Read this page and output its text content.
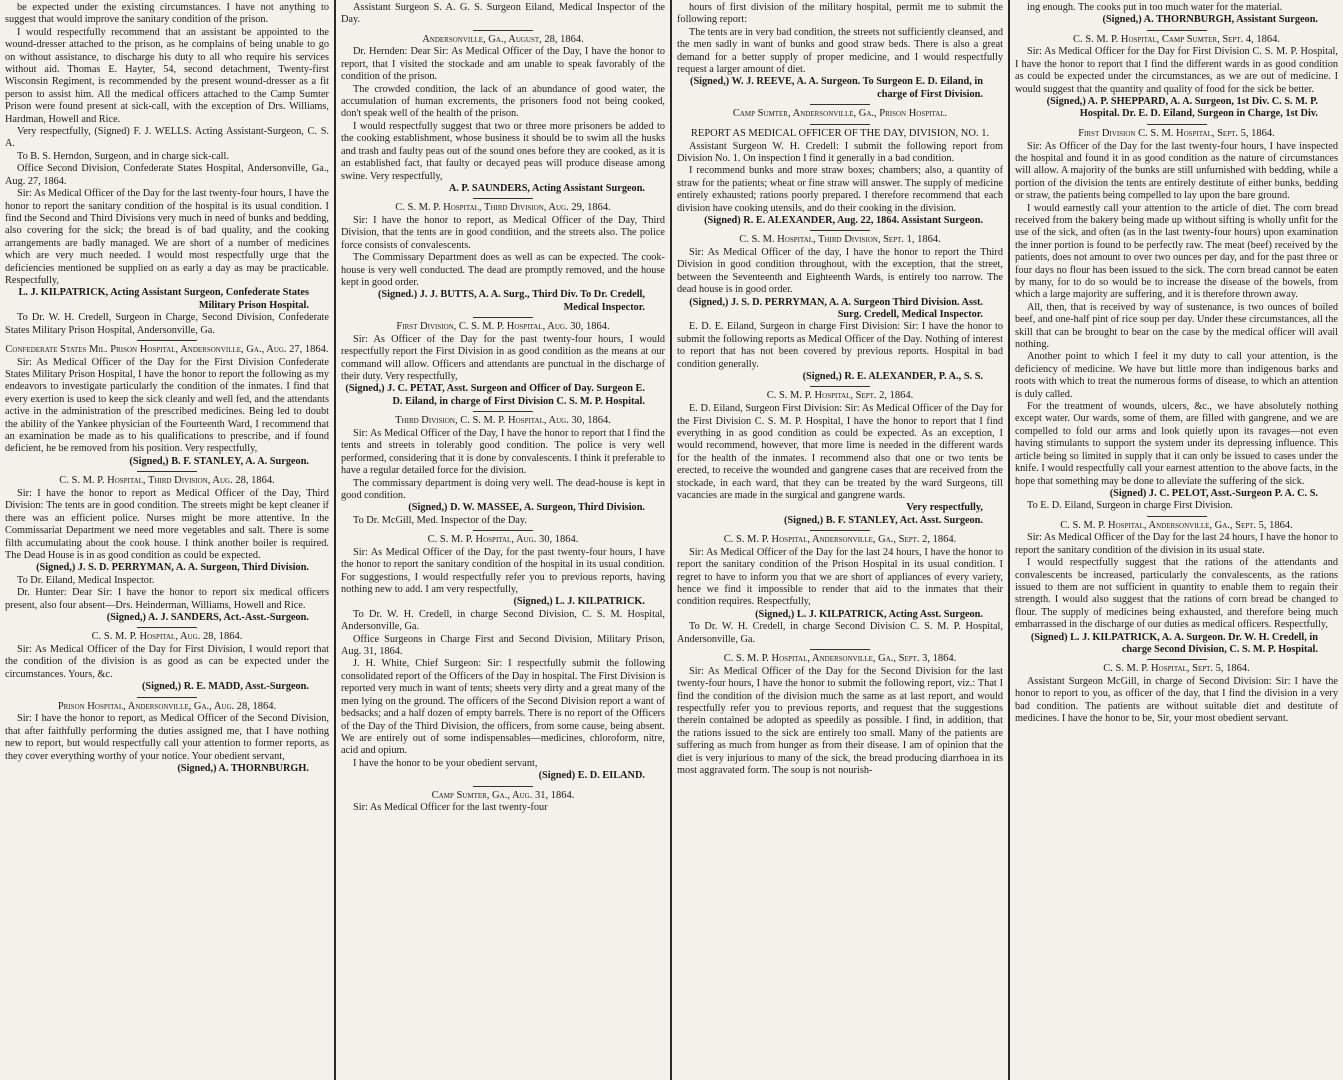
be expected under the existing circumstances. I have not anything to suggest that would improve the sanitary condition of the prison.

I would respectfully recommend that an assistant be appointed to the wound-dresser attached to the prison, as he complains of being unable to go on without assistance, to discharge his duty to all who require his services without aid. Thomas E. Hayter, 54, second detachment, Twenty-first Wisconsin Regiment, is recommended by the present wound-dresser as a fit person to assist him. All the medical officers attached to the Camp Sumter Prison were found present at sick-call, with the exception of Drs. Williams, Hardman, Howell and Rice.

Very respectfully, (Signed) F. J. WELLS. Acting Assistant-Surgeon, C. S. A.

To B. S. Herndon, Surgeon, and in charge sick-call.

Office Second Division, Confederate States Hospital, Andersonville, Ga., Aug. 27, 1864.

Sir: As Medical Officer of the Day for the last twenty-four hours, I have the honor to report the sanitary condition of the hospital is its usual condition. I find the Second and Third Divisions very much in need of bunks and bedding, also covering for the sick; the bread is of bad quality, and the cooking arrangements are badly managed. We are short of a number of medicines which are very much needed. I would most respectfully urge that the deficiencies mentioned be supplied on as early a day as may be practicable. Respectfully,

L. J. KILPATRICK, Acting Assistant Surgeon, Confederate States Military Prison Hospital.

To Dr. W. H. Credell, Surgeon in Charge, Second Division, Confederate States Military Prison Hospital, Andersonville, Ga.

Confederate States Mil. Prison Hospital, Andersonville, Ga., Aug. 27, 1864.

Sir: As Medical Officer of the Day for the First Division Confederate States Military Prison Hospital, I have the honor to report the following as my endeavors to investigate particularly the condition of the inmates. I find that every exertion is used to keep the sick cleanly and well fed, and the attendants active in the administration of the prescribed medicines. Being led to doubt the ability of the Yankee physician of the Fourteenth Ward, I recommend that an examination be made as to his qualifications to prescribe, and if found deficient, he be removed from his position. Very respectfully,

(Signed,) B. F. STANLEY, A. A. Surgeon.

C. S. M. P. Hospital, Third Division, Aug. 28, 1864.

Sir: I have the honor to report as Medical Officer of the Day, Third Division: The tents are in good condition. The streets might be kept cleaner if there was an efficient police. Nurses might be more attentive. In the Commissariat Department we need more vegetables and salt. There is some filth accumulating about the cook house. I think another boiler is required. The Dead House is in as good condition as could be expected.

(Signed,) J. S. D. PERRYMAN, A. A. Surgeon, Third Division.

To Dr. Eiland, Medical Inspector.

Dr. Hunter: Dear Sir: I have the honor to report six medical officers present, also four absent—Drs. Heinderman, Williams, Howell and Rice.

(Signed,) A. J. SANDERS, Act.-Asst.-Surgeon.

C. S. M. P. Hospital, Aug. 28, 1864.

Sir: As Medical Officer of the Day for First Division, I would report that the condition of the division is as good as can be expected under the circumstances. Yours, &c.

(Signed,) R. E. MADD, Asst.-Surgeon.

Prison Hospital, Andersonville, Ga., Aug. 28, 1864.

Sir: I have the honor to report, as Medical Officer of the Second Division, that after faithfully performing the duties assigned me, that I have nothing new to report, but would respectfully call your attention to former reports, as they cover everything worthy of your notice. Your obedient servant,

(Signed,) A. THORNBURGH.

Assistant Surgeon S. A. G. S. Surgeon Eiland, Medical Inspector of the Day.

Andersonville, Ga., August, 28, 1864.

Dr. Hernden: Dear Sir: As Medical Officer of the Day, I have the honor to report, that I visited the stockade and am unable to speak favorably of the condition of the prison.

The crowded condition, the lack of an abundance of good water, the accumulation of human excrements, the prisoners food not being cooked, don't speak well of the health of the prison.

I would respectfully suggest that two or three more prisoners be added to the cooking establishment, whose business it should be to swim all the husks and trash and faulty peas out of the sound ones before they are cooked, as it is an established fact, that faulty or decayed peas will produce disease among swine. Very respectfully,

A. P. SAUNDERS, Acting Assistant Surgeon.

C. S. M. P. Hospital, Third Division, Aug. 29, 1864.

Sir: I have the honor to report, as Medical Officer of the Day, Third Division, that the tents are in good condition, and the streets also. The police force consists of convalescents.

The Commissary Department does as well as can be expected. The cook-house is very well conducted. The dead are promptly removed, and the house kept in good order.

(Signed.) J. J. BUTTS, A. A. Surg., Third Div. To Dr. Credell, Medical Inspector.

First Division, C. S. M. P. Hospital, Aug. 30, 1864.

Sir: As Officer of the Day for the past twenty-four hours, I would respectfully report the First Division in as good condition as the means at our command will allow. Officers and attendants are punctual in the discharge of their duty. Very respectfully,

(Signed,) J. C. PETAT, Asst. Surgeon and Officer of Day. Surgeon E. D. Eiland, in charge of First Division C. S. M. P. Hospital.

Third Division, C. S. M. P. Hospital, Aug. 30, 1864.

Sir: As Medical Officer of the Day, I have the honor to report that I find the tents and streets in tolerably good condition. The police is very well performed, considering that it is done by convalescents. I think it preferable to have a regular detailed force for the division.

The commissary department is doing very well. The dead-house is kept in good condition.

(Signed,) D. W. MASSEE, A. Surgeon, Third Division.

To Dr. McGill, Med. Inspector of the Day.

C. S. M. P. Hospital, Aug. 30, 1864.

Sir: As Medical Officer of the Day, for the past twenty-four hours, I have the honor to report the sanitary condition of the hospital in its usual condition. For suggestions, I would respectfully refer you to previous reports, having nothing new to add. I am very respectfully,

(Signed,) L. J. KILPATRICK.

To Dr. W. H. Credell, in charge Second Division, C. S. M. Hospital, Andersonville, Ga.

Office Surgeons in Charge First and Second Division, Military Prison, Aug. 31, 1864.

J. H. White, Chief Surgeon: Sir: I respectfully submit the following consolidated report of the Officers of the Day in hospital. The First Division is reported very much in want of tents; sheets very dirty and a great many of the men lying on the ground. The officers of the Second Division report a want of bedsacks; and a half dozen of empty barrels. There is no report of the Officers of the Day of the Third Division, the officers, from some cause, being absent. We are entirely out of some indispensables—medicines, chloroform, nitre, acid and opium.

I have the honor to be your obedient servant,

(Signed) E. D. EILAND.

Camp Sumter, Ga., Aug. 31, 1864.

Sir: As Medical Officer for the last twenty-four

hours of first division of the military hospital, permit me to submit the following report:

The tents are in very bad condition, the streets not sufficiently cleansed, and the men sadly in want of bunks and good straw beds. There is also a great demand for a better supply of proper medicine, and I would respectfully request a larger amount of diet.

(Signed,) W. J. REEVE, A. A. Surgeon. To Surgeon E. D. Eiland, in charge of First Division.

Camp Sumter, Andersonville, Ga., Prison Hospital.

REPORT AS MEDICAL OFFICER OF THE DAY, DIVISION, NO. 1.

Assistant Surgeon W. H. Credell: I submit the following report from Division No. 1. On inspection I find it generally in a bad condition.

I recommend bunks and more straw boxes; chambers; also, a quantity of straw for the patients; wheat or fine straw will answer. The supply of medicine entirely exhausted; rations poorly prepared. I therefore recommend that each division have cooking utensils, and do their cooking in the division.

(Signed) R. E. ALEXANDER, Aug. 22, 1864. Assistant Surgeon.

C. S. M. Hospital, Third Division, Sept. 1, 1864.

Sir: As Medical Officer of the day, I have the honor to report the Third Division in good condition throughout, with the exception, that the street, between the Seventeenth and Eighteenth Wards, is entirely too narrow. The dead house is in good order.

(Signed,) J. S. D. PERRYMAN, A. A. Surgeon Third Division. Asst. Surg. Credell, Medical Inspector.

E. D. E. Eiland, Surgeon in charge First Division: Sir: I have the honor to submit the following reports as Medical Officer of the Day. Nothing of interest to report that has not been covered by previous reports. Hospital in bad condition generally.

(Signed,) R. E. ALEXANDER, P. A., S. S.

C. S. M. P. Hospital, Sept. 2, 1864.

E. D. Eiland, Surgeon First Division: Sir: As Medical Officer of the Day for the First Division C. S. M. P. Hospital, I have the honor to report that I find everything in as good condition as could be expected. As an exception, I would recommend, however, that more lime is needed in the different wards for the health of the inmates. I recommend also that one or two tents be erected, to receive the wounded and gangrene cases that are received from the stockade, in each ward, that they can be treated by the ward Surgeons, till vacancies are made in the surgical and gangrene wards.

Very respectfully,

(Signed,) B. F. STANLEY, Act. Asst. Surgeon.

C. S. M. P. Hospital, Andersonville, Ga., Sept. 2, 1864.

Sir: As Medical Officer of the Day for the last 24 hours, I have the honor to report the sanitary condition of the Prison Hospital in its usual condition. I regret to have to inform you that we are short of appliances of every variety, hence we find it impossible to render that aid to the inmates that their condition requires. Respectfully,

(Signed,) L. J. KILPATRICK, Acting Asst. Surgeon.

To Dr. W. H. Credell, in charge Second Division C. S. M. P. Hospital, Andersonville, Ga.

C. S. M. P. Hospital, Andersonville, Ga., Sept. 3, 1864.

Sir: As Medical Officer of the Day for the Second Division for the last twenty-four hours, I have the honor to submit the following report, viz.: That I find the condition of the division much the same as at last report, and would respectfully refer you to previous reports, and request that the suggestions therein contained be adopted as speedily as possible. I find, in addition, that the rations issued to the sick are entirely too small. Many of the patients are suffering as much from hunger as from their disease. I am of opinion that the diet is very injurious to many of the sick, the bread producing diarrhoea in its most aggravated form. The soup is not nourish-

ing enough. The cooks put in too much water for the material.

(Signed,) A. THORNBURGH, Assistant Surgeon.

C. S. M. P. Hospital, Camp Sumter, Sept. 4, 1864.

Sir: As Medical Officer for the Day for First Division C. S. M. P. Hospital, I have the honor to report that I find the different wards in as good condition as could be expected under the circumstances, as we are out of medicine. I would suggest that the quantity and quality of food for the sick be better.

(Signed,) A. P. SHEPPARD, A. A. Surgeon, 1st Div. C. S. M. P. Hospital. Dr. E. D. Eiland, Surgeon in Charge, 1st Div.

First Division C. S. M. Hospital, Sept. 5, 1864.

Sir: As Officer of the Day for the last twenty-four hours, I have inspected the hospital and found it in as good condition as the nature of circumstances will allow. A majority of the bunks are still unfurnished with bedding, while a portion of the division the tents are entirely destitute of either bunks, bedding or straw, the patients being compelled to lay upon the bare ground.

I would earnestly call your attention to the article of diet. The corn bread received from the bakery being made up without sifting is wholly unfit for the use of the sick, and often (as in the last twenty-four hours) upon examination the inner portion is found to be perfectly raw. The meat (beef) received by the patients, does not amount to over two ounces per day, and for the past three or four days no flour has been issued to the sick. The corn bread cannot be eaten by many, for to do so would be to increase the disease of the bowels, from which a large majority are suffering, and it is therefore thrown away.

All, then, that is received by way of sustenance, is two ounces of boiled beef, and one-half pint of rice soup per day. Under these circumstances, all the skill that can be brought to bear on the case by the medical officer will avail nothing.

Another point to which I feel it my duty to call your attention, is the deficiency of medicine. We have but little more than indigenous barks and roots with which to treat the numerous forms of disease, to which an attention is duly called.

For the treatment of wounds, ulcers, &c., we have absolutely nothing except water. Our wards, some of them, are filled with gangrene, and we are compelled to fold our arms and look quietly upon its ravages—not even having stimulants to support the system under its depressing influence. This article being so limited in supply that it can only be issued to cases under the knife. I would respectfully call your earnest attention to the above facts, in the hope that something may be done to alleviate the suffering of the sick.

(Signed) J. C. PELOT, Asst.-Surgeon P. A. C. S.

To E. D. Eiland, Surgeon in charge First Division.

C. S. M. P. Hospital, Andersonville, Ga., Sept. 5, 1864.

Sir: As Medical Officer of the Day for the last 24 hours, I have the honor to report the sanitary condition of the division in its usual state.

I would respectfully suggest that the rations of the attendants and convalescents be increased, particularly the convalescents, as the rations issued to them are not sufficient in quantity to enable them to regain their strength. I would also suggest that the rations of corn bread be changed to flour. The supply of medicines being exhausted, and therefore being much embarrassed in the discharge of our duties as medical officers. Respectfully,

(Signed) L. J. KILPATRICK, A. A. Surgeon. Dr. W. H. Credell, in charge Second Division, C. S. M. P. Hospital.

C. S. M. P. Hospital, Sept. 5, 1864.

Assistant Surgeon McGill, in charge of Second Division: Sir: I have the honor to report to you, as officer of the day, that I find the division in a very bad condition. The patients are without suitable diet and destitute of medicines. I have the honor to be, Sir, your most obedient servant.
